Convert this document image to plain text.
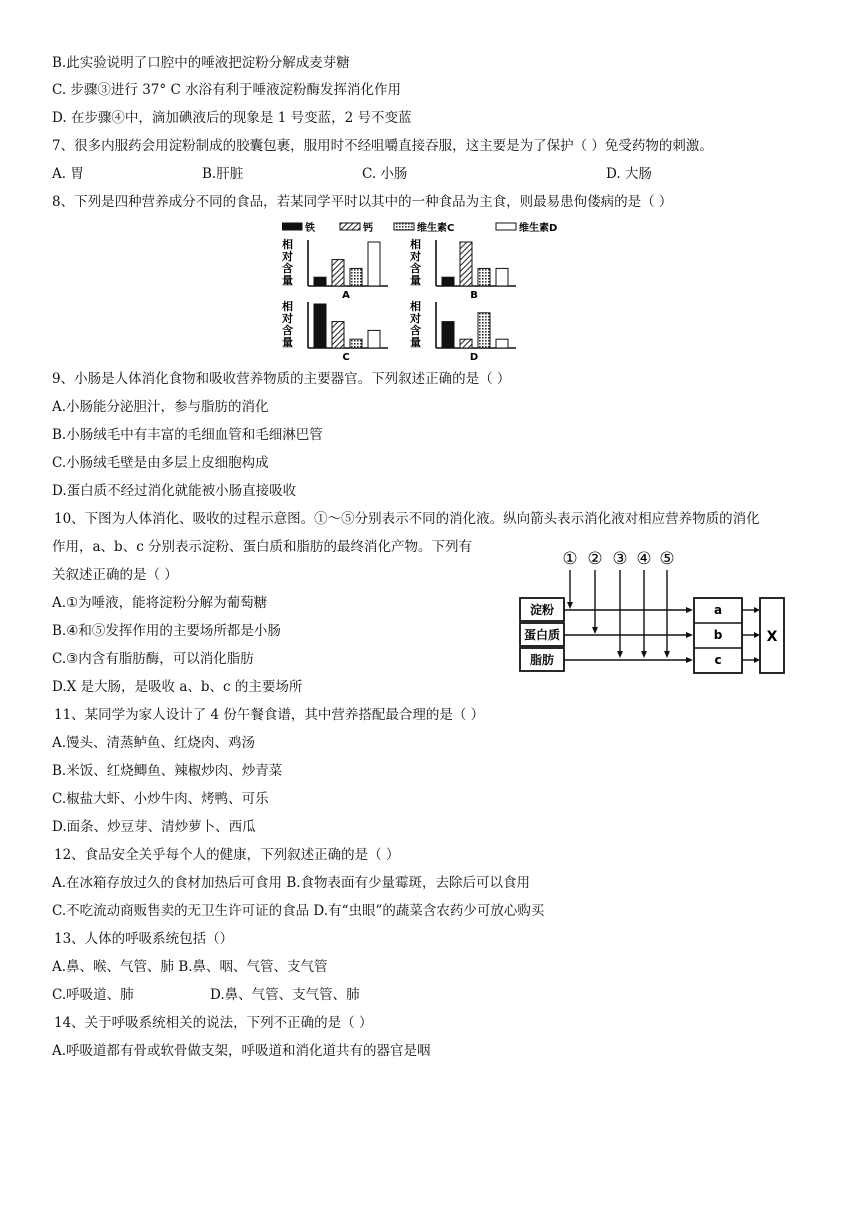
B.此实验说明了口腔中的唾液把淀粉分解成麦芽糖
C. 步骤③进行 37° C 水浴有利于唾液淀粉酶发挥消化作用
D. 在步骤④中，滴加碘液后的现象是 1 号变蓝，2 号不变蓝
7、很多内服药会用淀粉制成的胶囊包裹，服用时不经咀嚼直接吞服，这主要是为了保护（ ）免受药物的刺激。
A. 胃	B.肝脏	C. 小肠	D. 大肠
8、下列是四种营养成分不同的食品，若某同学平时以其中的一种食品为主食，则最易患佝偻病的是（ ）
铁	钙	维生素C	维生素D
相
对
含
量
A
相
对
含
量
B
相
对
含
量
C
相
对
含
量
D
9、小肠是人体消化食物和吸收营养物质的主要器官。下列叙述正确的是（ ）
A.小肠能分泌胆汁，参与脂肪的消化
B.小肠绒毛中有丰富的毛细血管和毛细淋巴管
C.小肠绒毛壁是由多层上皮细胞构成
D.蛋白质不经过消化就能被小肠直接吸收
10、下图为人体消化、吸收的过程示意图。①～⑤分别表示不同的消化液。纵向箭头表示消化液对相应营养物质的消化
作用，a、b、c 分别表示淀粉、蛋白质和脂肪的最终消化产物。下列有
关叙述正确的是（ ）
A.①为唾液，能将淀粉分解为葡萄糖
B.④和⑤发挥作用的主要场所都是小肠
C.③内含有脂肪酶，可以消化脂肪
D.X 是大肠，是吸收 a、b、c 的主要场所
① ② ③ ④ ⑤
淀粉
蛋白质
脂肪
a
b
c
X
11、某同学为家人设计了 4 份午餐食谱，其中营养搭配最合理的是（ ）
A.馒头、清蒸鲈鱼、红烧肉、鸡汤
B.米饭、红烧鲫鱼、辣椒炒肉、炒青菜
C.椒盐大虾、小炒牛肉、烤鸭、可乐
D.面条、炒豆芽、清炒萝卜、西瓜
12、食品安全关乎每个人的健康，下列叙述正确的是（ ）
A.在冰箱存放过久的食材加热后可食用 B.食物表面有少量霉斑，去除后可以食用
C.不吃流动商贩售卖的无卫生许可证的食品 D.有“虫眼”的蔬菜含农药少可放心购买
13、人体的呼吸系统包括（）
A.鼻、喉、气管、肺 B.鼻、咽、气管、支气管
C.呼吸道、肺	D.鼻、气管、支气管、肺
14、关于呼吸系统相关的说法，下列不正确的是（ ）
A.呼吸道都有骨或软骨做支架，呼吸道和消化道共有的器官是咽
